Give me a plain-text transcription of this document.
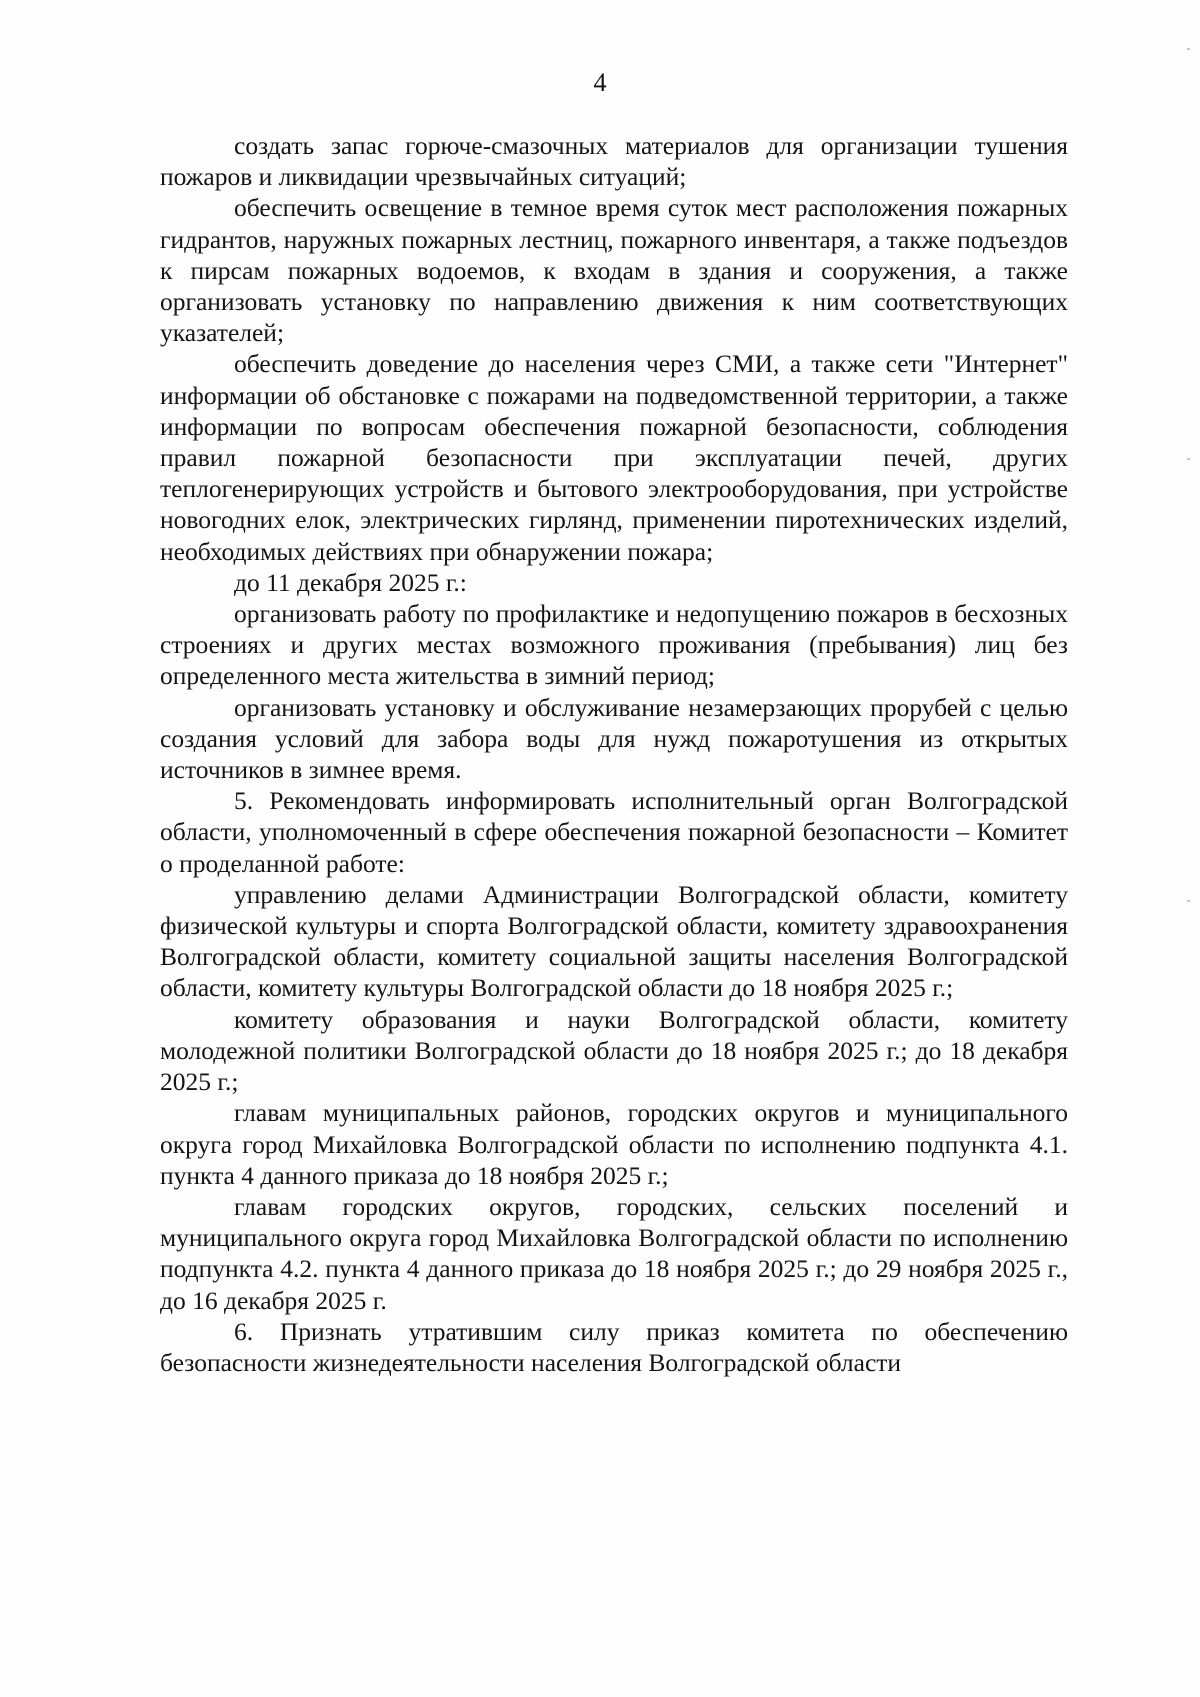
4

создать запас горюче-смазочных материалов для организации тушения пожаров и ликвидации чрезвычайных ситуаций;

обеспечить освещение в темное время суток мест расположения пожарных гидрантов, наружных пожарных лестниц, пожарного инвентаря, а также подъездов к пирсам пожарных водоемов, к входам в здания и сооружения, а также организовать установку по направлению движения к ним соответствующих указателей;

обеспечить доведение до населения через СМИ, а также сети "Интернет" информации об обстановке с пожарами на подведомственной территории, а также информации по вопросам обеспечения пожарной безопасности, соблюдения правил пожарной безопасности при эксплуатации печей, других теплогенерирующих устройств и бытового электрооборудования, при устройстве новогодних елок, электрических гирлянд, применении пиротехнических изделий, необходимых действиях при обнаружении пожара;

до 11 декабря 2025 г.:

организовать работу по профилактике и недопущению пожаров в бесхозных строениях и других местах возможного проживания (пребывания) лиц без определенного места жительства в зимний период;

организовать установку и обслуживание незамерзающих прорубей с целью создания условий для забора воды для нужд пожаротушения из открытых источников в зимнее время.

5. Рекомендовать информировать исполнительный орган Волгоградской области, уполномоченный в сфере обеспечения пожарной безопасности – Комитет о проделанной работе:

управлению делами Администрации Волгоградской области, комитету физической культуры и спорта Волгоградской области, комитету здравоохранения Волгоградской области, комитету социальной защиты населения Волгоградской области, комитету культуры Волгоградской области до 18 ноября 2025 г.;

комитету образования и науки Волгоградской области, комитету молодежной политики Волгоградской области до 18 ноября 2025 г.; до 18 декабря 2025 г.;

главам муниципальных районов, городских округов и муниципального округа город Михайловка Волгоградской области по исполнению подпункта 4.1. пункта 4 данного приказа до 18 ноября 2025 г.;

главам городских округов, городских, сельских поселений и муниципального округа город Михайловка Волгоградской области по исполнению подпункта 4.2. пункта 4 данного приказа до 18 ноября 2025 г.; до 29 ноября 2025 г., до 16 декабря 2025 г.

6. Признать утратившим силу приказ комитета по обеспечению безопасности жизнедеятельности населения Волгоградской области
